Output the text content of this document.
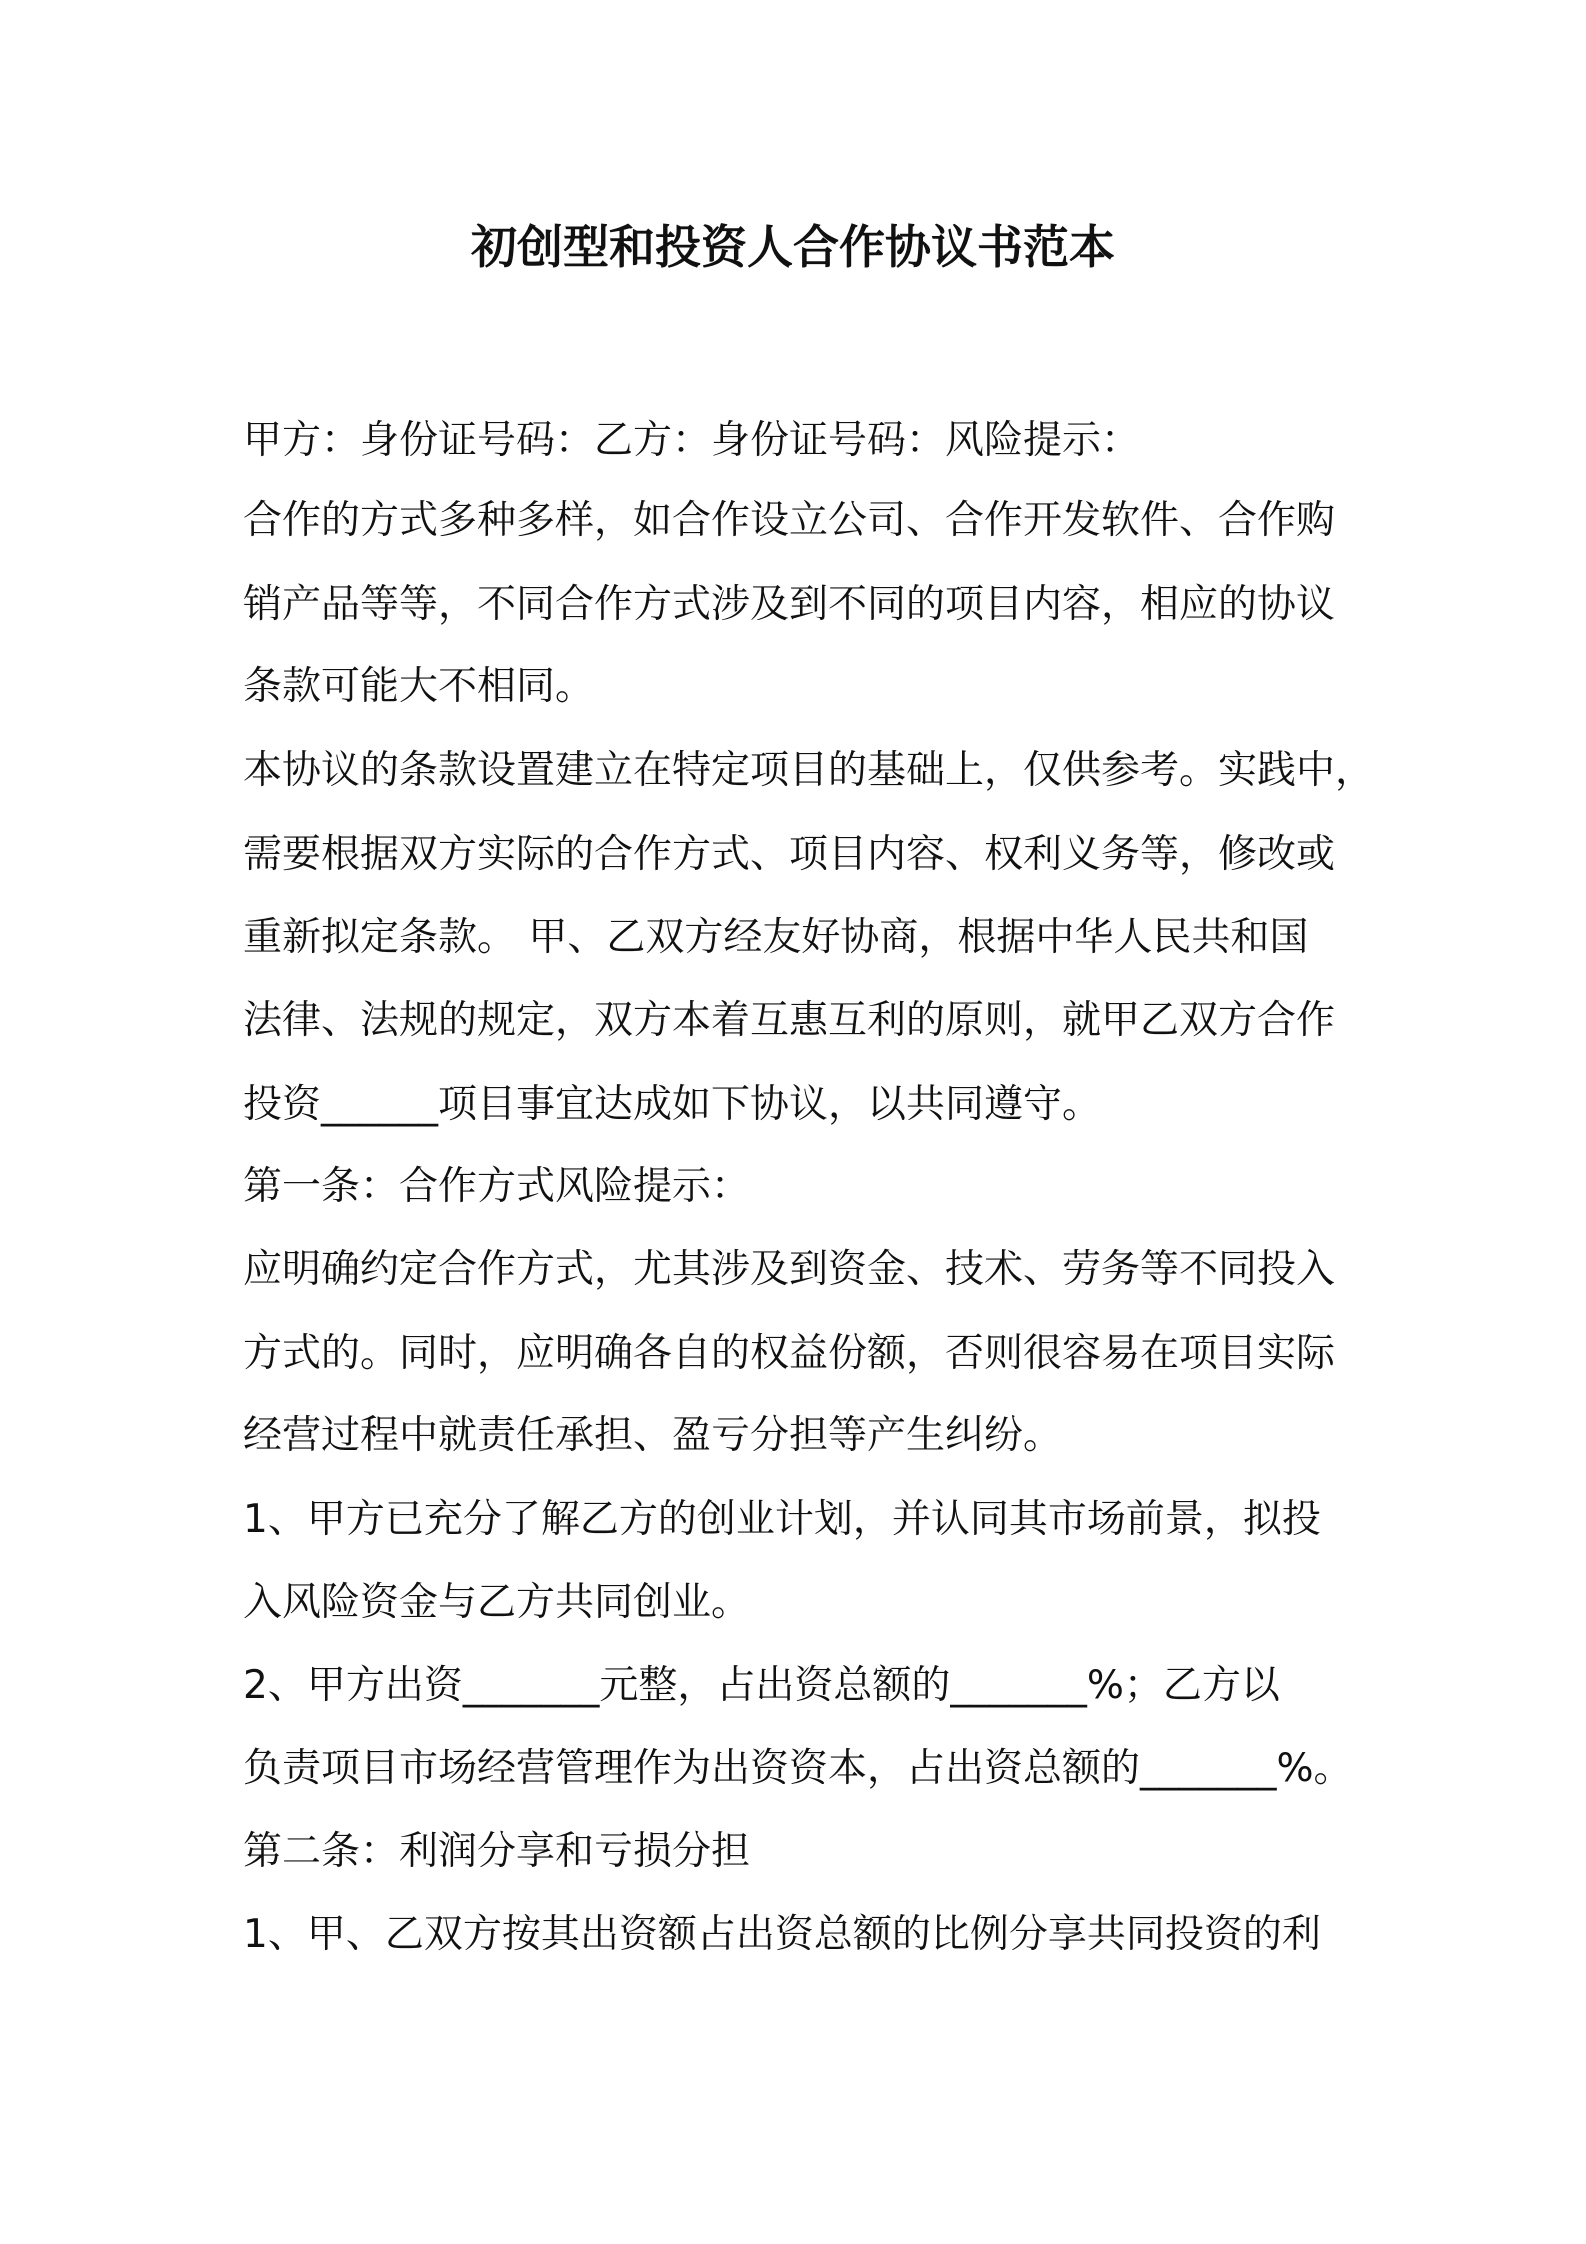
初创型和投资人合作协议书范本

甲方：身份证号码：乙方：身份证号码：风险提示：

合作的方式多种多样，如合作设立公司、合作开发软件、合作购

销产品等等，不同合作方式涉及到不同的项目内容，相应的协议

条款可能大不相同。

本协议的条款设置建立在特定项目的基础上，仅供参考。实践中，

需要根据双方实际的合作方式、项目内容、权利义务等，修改或

重新拟定条款。 甲、乙双方经友好协商，根据中华人民共和国

法律、法规的规定，双方本着互惠互利的原则，就甲乙双方合作

投资______项目事宜达成如下协议，以共同遵守。

第一条：合作方式风险提示：

应明确约定合作方式，尤其涉及到资金、技术、劳务等不同投入

方式的。同时，应明确各自的权益份额，否则很容易在项目实际

经营过程中就责任承担、盈亏分担等产生纠纷。

1、甲方已充分了解乙方的创业计划，并认同其市场前景，拟投

入风险资金与乙方共同创业。

2、甲方出资_______元整，占出资总额的_______%；乙方以

负责项目市场经营管理作为出资资本，占出资总额的_______%。

第二条：利润分享和亏损分担

1、甲、乙双方按其出资额占出资总额的比例分享共同投资的利
